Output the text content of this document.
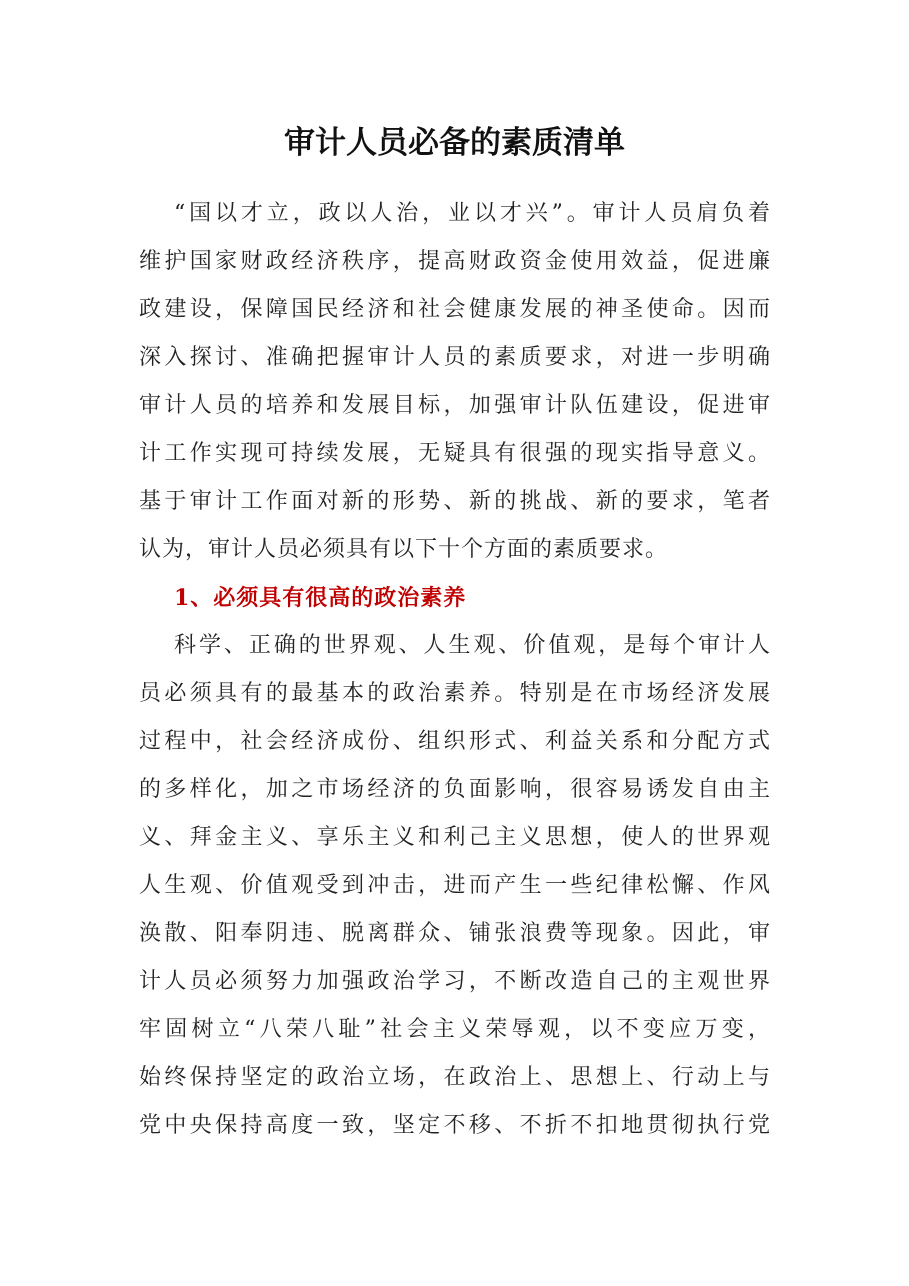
审计人员必备的素质清单
“国以才立，政以人治，业以才兴”。审计人员肩负着
维护国家财政经济秩序，提高财政资金使用效益，促进廉
政建设，保障国民经济和社会健康发展的神圣使命。因而
深入探讨、准确把握审计人员的素质要求，对进一步明确
审计人员的培养和发展目标，加强审计队伍建设，促进审
计工作实现可持续发展，无疑具有很强的现实指导意义。
基于审计工作面对新的形势、新的挑战、新的要求，笔者
认为，审计人员必须具有以下十个方面的素质要求。
1、必须具有很高的政治素养
科学、正确的世界观、人生观、价值观，是每个审计人
员必须具有的最基本的政治素养。特别是在市场经济发展
过程中，社会经济成份、组织形式、利益关系和分配方式
的多样化，加之市场经济的负面影响，很容易诱发自由主
义、拜金主义、享乐主义和利己主义思想，使人的世界观
人生观、价值观受到冲击，进而产生一些纪律松懈、作风
涣散、阳奉阴违、脱离群众、铺张浪费等现象。因此，审
计人员必须努力加强政治学习，不断改造自己的主观世界
牢固树立“八荣八耻”社会主义荣辱观，以不变应万变，
始终保持坚定的政治立场，在政治上、思想上、行动上与
党中央保持高度一致，坚定不移、不折不扣地贯彻执行党
